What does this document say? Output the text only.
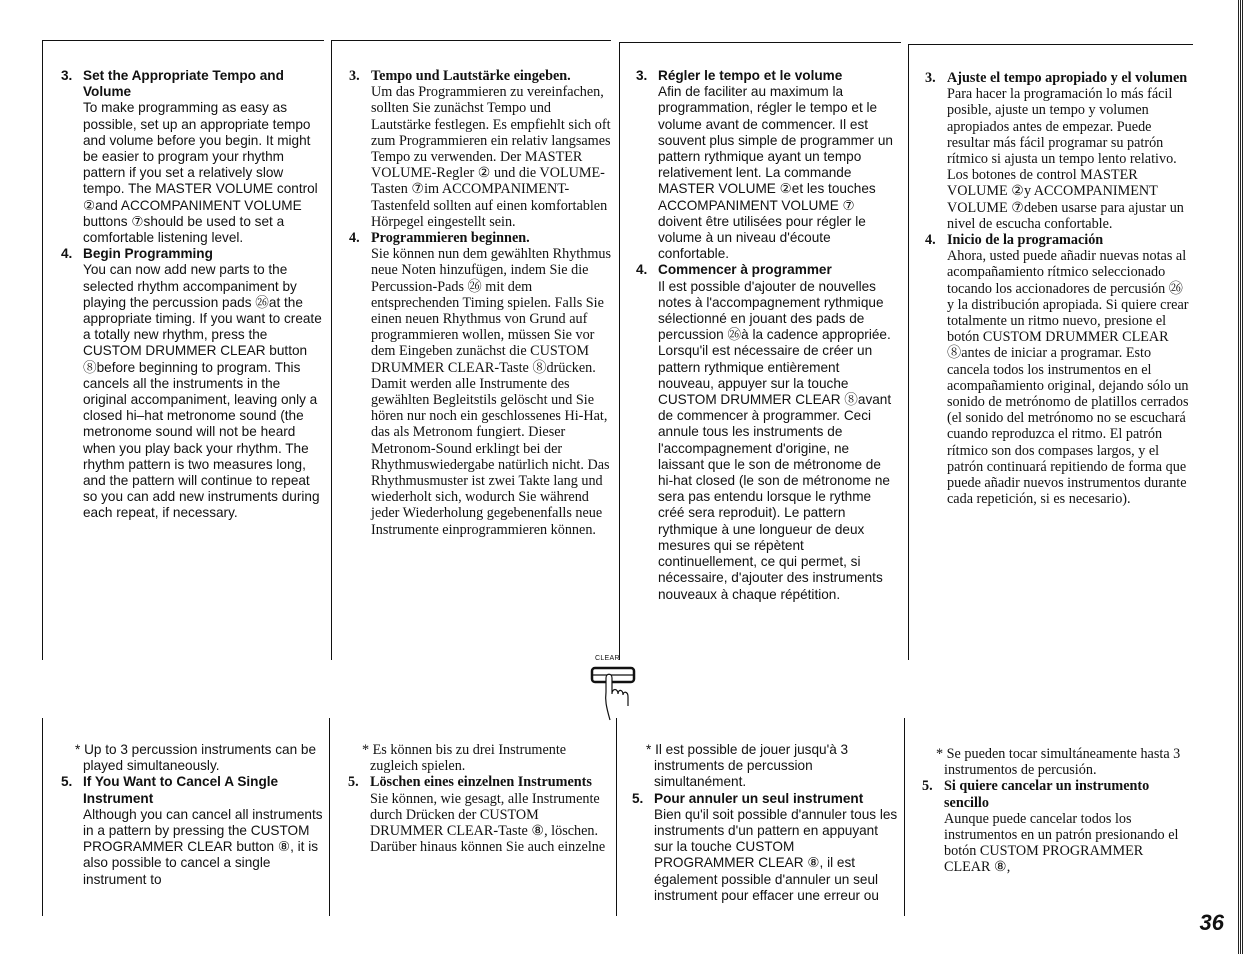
3. Set the Appropriate Tempo and Volume
To make programming as easy as possible, set up an appropriate tempo and volume before you begin. It might be easier to program your rhythm pattern if you set a relatively slow tempo. The MASTER VOLUME control ②and ACCOMPANIMENT VOLUME buttons ⑦should be used to set a comfortable listening level.
4. Begin Programming
You can now add new parts to the selected rhythm accompaniment by playing the percussion pads ㉖at the appropriate timing. If you want to create a totally new rhythm, press the CUSTOM DRUMMER CLEAR button ⑧before beginning to program. This cancels all the instruments in the original accompaniment, leaving only a closed hi–hat metronome sound (the metronome sound will not be heard when you play back your rhythm. The rhythm pattern is two measures long, and the pattern will continue to repeat so you can add new instruments during each repeat, if necessary.
3. Tempo und Lautstärke eingeben.
Um das Programmieren zu vereinfachen, sollten Sie zunächst Tempo und Lautstärke festlegen. Es empfiehlt sich oft zum Programmieren ein relativ langsames Tempo zu verwenden. Der MASTER VOLUME-Regler ② und die VOLUME-Tasten ⑦im ACCOMPANIMENT-Tastenfeld sollten auf einen komfortablen Hörpegel eingestellt sein.
4. Programmieren beginnen.
Sie können nun dem gewählten Rhythmus neue Noten hinzufügen, indem Sie die Percussion-Pads ㉖ mit dem entsprechenden Timing spielen. Falls Sie einen neuen Rhythmus von Grund auf programmieren wollen, müssen Sie vor dem Eingeben zunächst die CUSTOM DRUMMER CLEAR-Taste ⑧drücken. Damit werden alle Instrumente des gewählten Begleitstils gelöscht und Sie hören nur noch ein geschlossenes Hi-Hat, das als Metronom fungiert. Dieser Metronom-Sound erklingt bei der Rhythmuswiedergabe natürlich nicht. Das Rhythmusmuster ist zwei Takte lang und wiederholt sich, wodurch Sie während jeder Wiederholung gegebenenfalls neue Instrumente einprogrammieren können.
3. Régler le tempo et le volume
Afin de faciliter au maximum la programmation, régler le tempo et le volume avant de commencer. Il est souvent plus simple de programmer un pattern rythmique ayant un tempo relativement lent. La commande MASTER VOLUME ②et les touches ACCOMPANIMENT VOLUME ⑦ doivent être utilisées pour régler le volume à un niveau d'écoute confortable.
4. Commencer à programmer
Il est possible d'ajouter de nouvelles notes à l'accompagnement rythmique sélectionné en jouant des pads de percussion ㉖à la cadence appropriée. Lorsqu'il est nécessaire de créer un pattern rythmique entièrement nouveau, appuyer sur la touche CUSTOM DRUMMER CLEAR ⑧avant de commencer à programmer. Ceci annule tous les instruments de l'accompagnement d'origine, ne laissant que le son de métronome de hi-hat closed (le son de métronome ne sera pas entendu lorsque le rythme créé sera reproduit). Le pattern rythmique à une longueur de deux mesures qui se répètent continuellement, ce qui permet, si nécessaire, d'ajouter des instruments nouveaux à chaque répétition.
3. Ajuste el tempo apropiado y el volumen
Para hacer la programación lo más fácil posible, ajuste un tempo y volumen apropiados antes de empezar. Puede resultar más fácil programar su patrón rítmico si ajusta un tempo lento relativo. Los botones de control MASTER VOLUME ②y ACCOMPANIMENT VOLUME ⑦deben usarse para ajustar un nivel de escucha confortable.
4. Inicio de la programación
Ahora, usted puede añadir nuevas notas al acompañamiento rítmico seleccionado tocando los accionadores de percusión ㉖y la distribución apropiada. Si quiere crear totalmente un ritmo nuevo, presione el botón CUSTOM DRUMMER CLEAR ⑧antes de iniciar a programar. Esto cancela todos los instrumentos en el acompañamiento original, dejando sólo un sonido de metrónomo de platillos cerrados (el sonido del metrónomo no se escuchará cuando reproduzca el ritmo. El patrón rítmico son dos compases largos, y el patrón continuará repitiendo de forma que puede añadir nuevos instrumentos durante cada repetición, si es necesario).
CLEAR
* Up to 3 percussion instruments can be played simultaneously.
5. If You Want to Cancel A Single Instrument
Although you can cancel all instruments in a pattern by pressing the CUSTOM PROGRAMMER CLEAR button ⑧, it is also possible to cancel a single instrument to
* Es können bis zu drei Instrumente zugleich spielen.
5. Löschen eines einzelnen Instruments
Sie können, wie gesagt, alle Instrumente durch Drücken der CUSTOM DRUMMER CLEAR-Taste ⑧, löschen. Darüber hinaus können Sie auch einzelne
* Il est possible de jouer jusqu'à 3 instruments de percussion simultanément.
5. Pour annuler un seul instrument
Bien qu'il soit possible d'annuler tous les instruments d'un pattern en appuyant sur la touche CUSTOM PROGRAMMER CLEAR ⑧, il est également possible d'annuler un seul instrument pour effacer une erreur ou
* Se pueden tocar simultáneamente hasta 3 instrumentos de percusión.
5. Si quiere cancelar un instrumento sencillo
Aunque puede cancelar todos los instrumentos en un patrón presionando el botón CUSTOM PROGRAMMER CLEAR ⑧,
36
